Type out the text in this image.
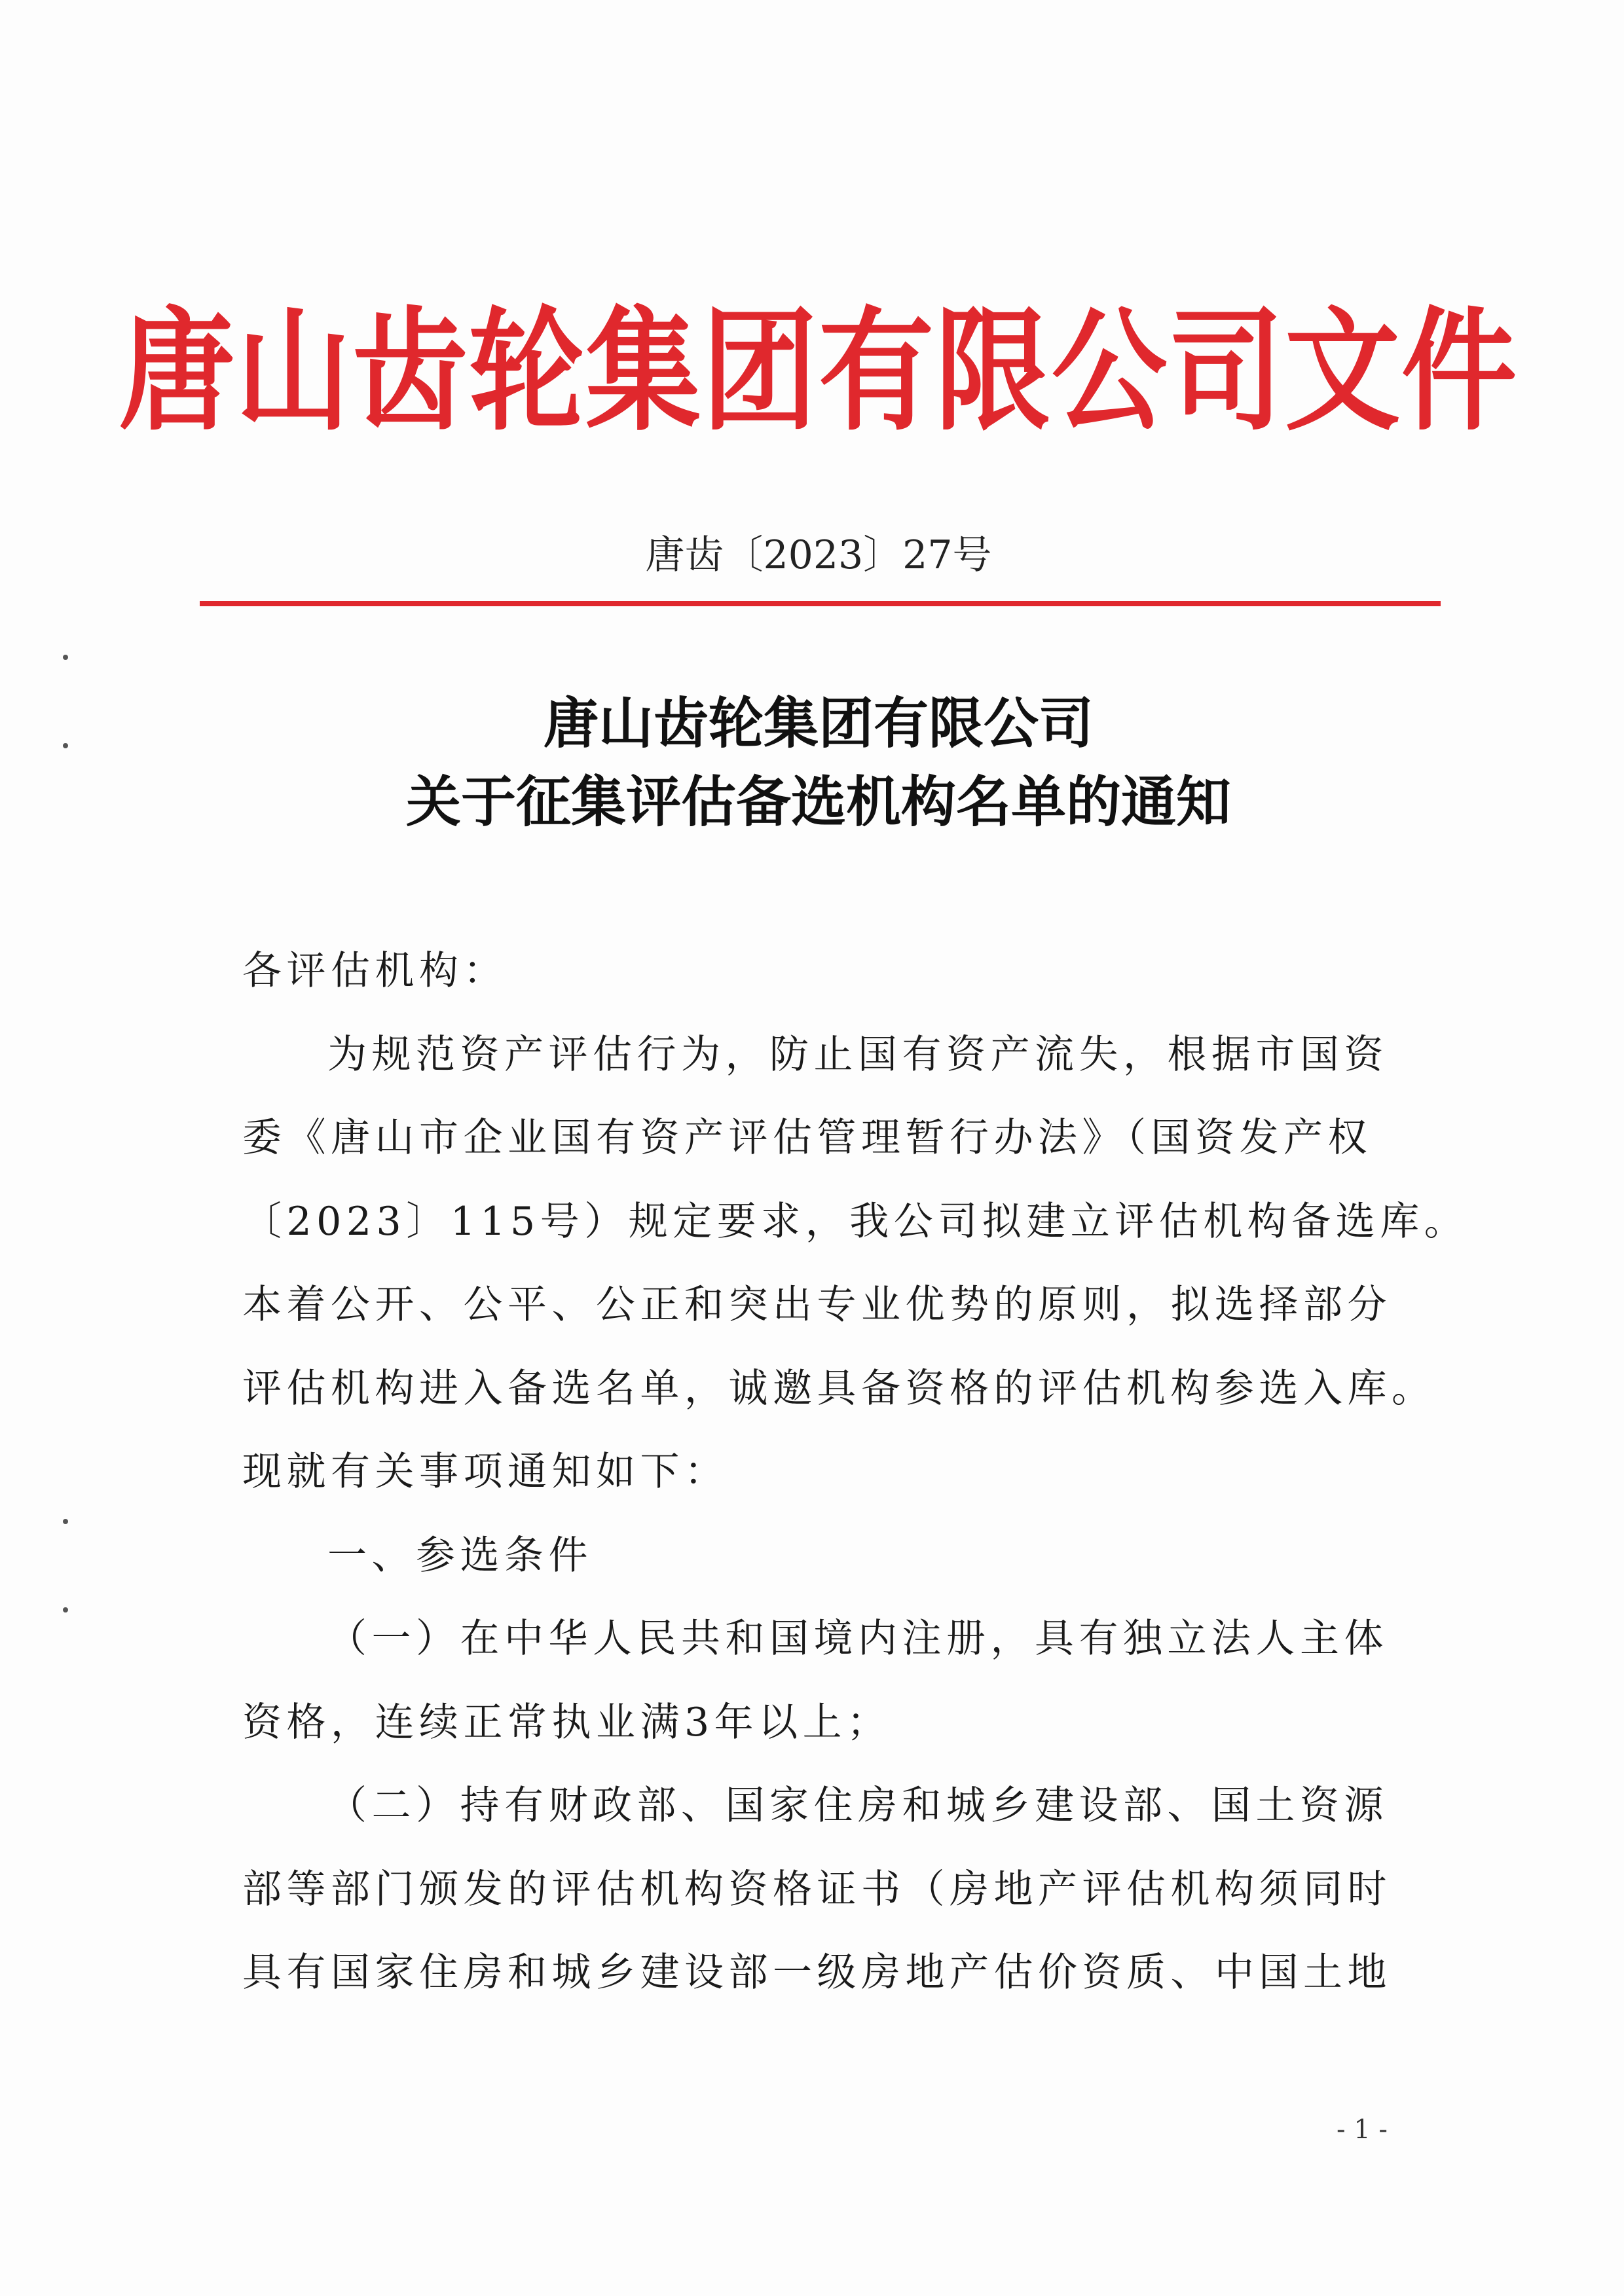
唐山齿轮集团有限公司文件
唐齿〔2023〕27号
唐山齿轮集团有限公司
关于征集评估备选机构名单的通知
各评估机构：
为规范资产评估行为，防止国有资产流失，根据市国资
委《唐山市企业国有资产评估管理暂行办法》（国资发产权
〔2023〕115号）规定要求，我公司拟建立评估机构备选库。
本着公开、公平、公正和突出专业优势的原则，拟选择部分
评估机构进入备选名单，诚邀具备资格的评估机构参选入库。
现就有关事项通知如下：
一、参选条件
（一）在中华人民共和国境内注册，具有独立法人主体
资格，连续正常执业满3年以上；
（二）持有财政部、国家住房和城乡建设部、国土资源
部等部门颁发的评估机构资格证书（房地产评估机构须同时
具有国家住房和城乡建设部一级房地产估价资质、中国土地
- 1 -
